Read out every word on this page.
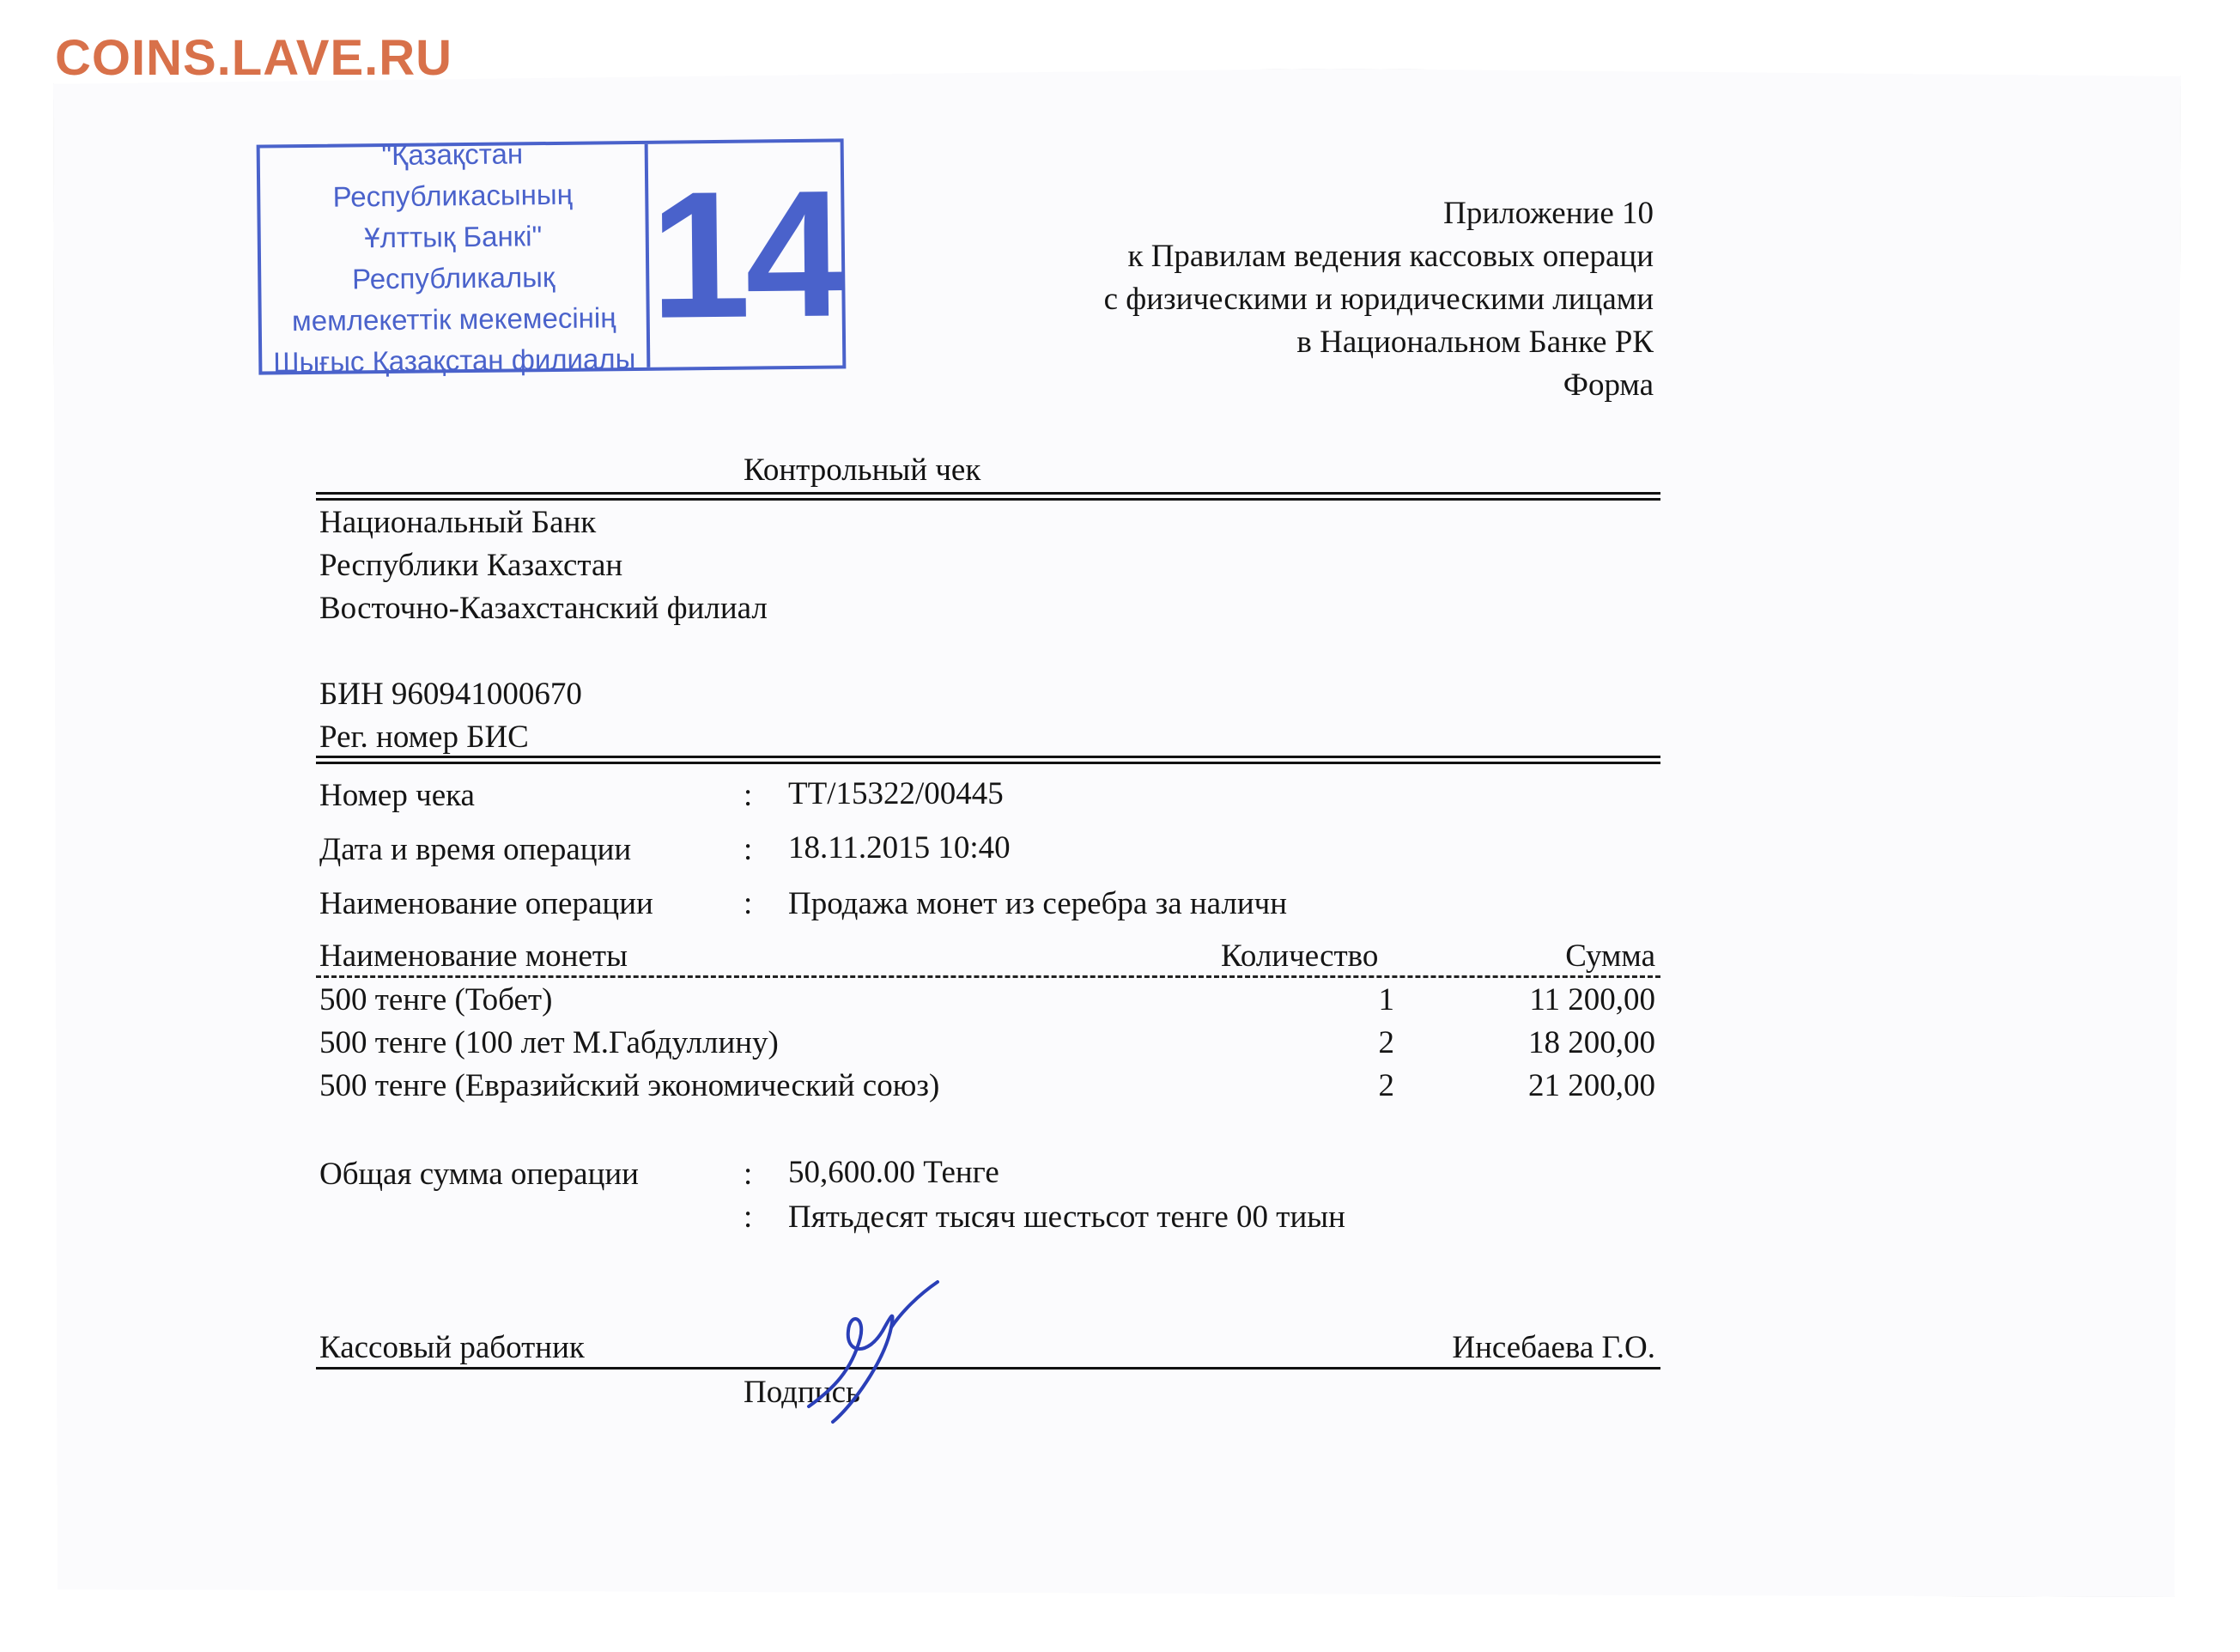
COINS.LAVE.RU
"Қазақстан Республикасының
Ұлттық Банкі" Республикалық
мемлекеттік мекемесінің
Шығыс Қазақстан филиалы
14	Приложение 10
к Правилам ведения кассовых операци
с физическими и юридическими лицами
в Национальном Банке РК
Форма
Контрольный чек
Национальный Банк
Республики Казахстан
Восточно-Казахстанский филиал
БИН 960941000670
Рег. номер БИС
Номер чека	: ТТ/15322/00445
Дата и время операции	: 18.11.2015 10:40
Наименование операции	: Продажа монет из серебра за наличн
Наименование монеты	Количество	Сумма
500 тенге (Тобет)	1	11 200,00
500 тенге (100 лет М.Габдуллину)	2	18 200,00
500 тенге (Евразийский экономический союз)	2	21 200,00
Общая сумма операции	: 50,600.00 Тенге
: Пятьдесят тысяч шестьсот тенге 00 тиын
Кассовый работник	Инсебаева Г.О.
Подпись
